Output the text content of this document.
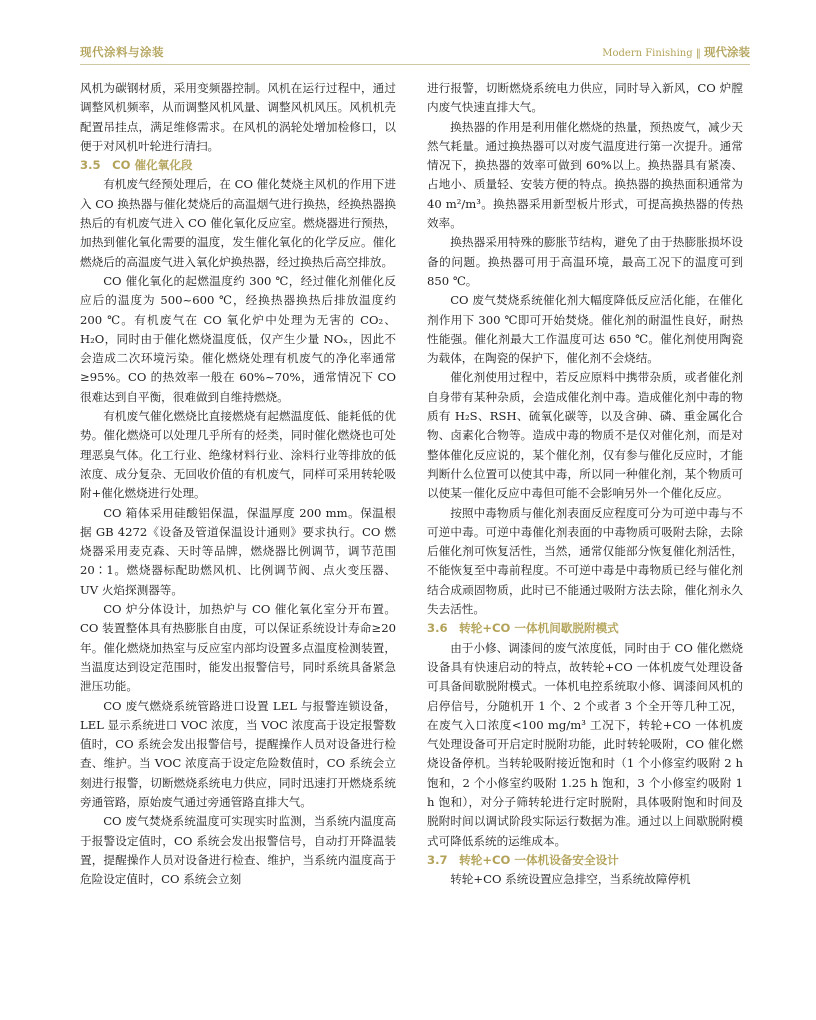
现代涂料与涂装	Modern Finishing ‖ 现代涂装

风机为碳钢材质，采用变频器控制。风机在运行过程中，通过调整风机频率，从而调整风机风量、调整风机风压。风机机壳配置吊挂点，满足维修需求。在风机的涡轮处增加检修口，以便于对风机叶轮进行清扫。

3.5　CO 催化氧化段

有机废气经预处理后，在 CO 催化焚烧主风机的作用下进入 CO 换热器与催化焚烧后的高温烟气进行换热，经换热器换热后的有机废气进入 CO 催化氧化反应室。燃烧器进行预热，加热到催化氧化需要的温度，发生催化氧化的化学反应。催化燃烧后的高温废气进入氧化炉换热器，经过换热后高空排放。

CO 催化氧化的起燃温度约 300 ℃，经过催化剂催化反应后的温度为 500~600 ℃，经换热器换热后排放温度约 200 ℃。有机废气在 CO 氧化炉中处理为无害的 CO₂、H₂O，同时由于催化燃烧温度低，仅产生少量 NOₓ，因此不会造成二次环境污染。催化燃烧处理有机废气的净化率通常≥95%。CO 的热效率一般在 60%~70%，通常情况下 CO 很难达到自平衡，很难做到自维持燃烧。

有机废气催化燃烧比直接燃烧有起燃温度低、能耗低的优势。催化燃烧可以处理几乎所有的烃类，同时催化燃烧也可处理恶臭气体。化工行业、绝缘材料行业、涂料行业等排放的低浓度、成分复杂、无回收价值的有机废气，同样可采用转轮吸附+催化燃烧进行处理。

CO 箱体采用硅酸铝保温，保温厚度 200 mm。保温根据 GB 4272《设备及管道保温设计通则》要求执行。CO 燃烧器采用麦克森、天时等品牌，燃烧器比例调节，调节范围 20∶1。燃烧器标配助燃风机、比例调节阀、点火变压器、UV 火焰探测器等。

CO 炉分体设计，加热炉与 CO 催化氧化室分开布置。CO 装置整体具有热膨胀自由度，可以保证系统设计寿命≥20 年。催化燃烧加热室与反应室内部均设置多点温度检测装置，当温度达到设定范围时，能发出报警信号，同时系统具备紧急泄压功能。

CO 废气燃烧系统管路进口设置 LEL 与报警连锁设备，LEL 显示系统进口 VOC 浓度，当 VOC 浓度高于设定报警数值时，CO 系统会发出报警信号，提醒操作人员对设备进行检查、维护。当 VOC 浓度高于设定危险数值时，CO 系统会立刻进行报警，切断燃烧系统电力供应，同时迅速打开燃烧系统旁通管路，原始废气通过旁通管路直排大气。

CO 废气焚烧系统温度可实现实时监测，当系统内温度高于报警设定值时，CO 系统会发出报警信号，自动打开降温装置，提醒操作人员对设备进行检查、维护，当系统内温度高于危险设定值时，CO 系统会立刻

进行报警，切断燃烧系统电力供应，同时导入新风，CO 炉膛内废气快速直排大气。

换热器的作用是利用催化燃烧的热量，预热废气，减少天然气耗量。通过换热器可以对废气温度进行第一次提升。通常情况下，换热器的效率可做到 60%以上。换热器具有紧凑、占地小、质量轻、安装方便的特点。换热器的换热面积通常为 40 m²/m³。换热器采用新型板片形式，可提高换热器的传热效率。

换热器采用特殊的膨胀节结构，避免了由于热膨胀损坏设备的问题。换热器可用于高温环境，最高工况下的温度可到 850 ℃。

CO 废气焚烧系统催化剂大幅度降低反应活化能，在催化剂作用下 300 ℃即可开始焚烧。催化剂的耐温性良好，耐热性能强。催化剂最大工作温度可达 650 ℃。催化剂使用陶瓷为载体，在陶瓷的保护下，催化剂不会烧结。

催化剂使用过程中，若反应原料中携带杂质，或者催化剂自身带有某种杂质，会造成催化剂中毒。造成催化剂中毒的物质有 H₂S、RSH、硫氧化碳等，以及含砷、磷、重金属化合物、卤素化合物等。造成中毒的物质不是仅对催化剂，而是对整体催化反应说的，某个催化剂，仅有参与催化反应时，才能判断什么位置可以使其中毒，所以同一种催化剂，某个物质可以使某一催化反应中毒但可能不会影响另外一个催化反应。

按照中毒物质与催化剂表面反应程度可分为可逆中毒与不可逆中毒。可逆中毒催化剂表面的中毒物质可吸附去除，去除后催化剂可恢复活性，当然，通常仅能部分恢复催化剂活性，不能恢复至中毒前程度。不可逆中毒是中毒物质已经与催化剂结合成顽固物质，此时已不能通过吸附方法去除，催化剂永久失去活性。

3.6　转轮+CO 一体机间歇脱附模式

由于小修、调漆间的废气浓度低，同时由于 CO 催化燃烧设备具有快速启动的特点，故转轮+CO 一体机废气处理设备可具备间歇脱附模式。一体机电控系统取小修、调漆间风机的启停信号，分随机开 1 个、2 个或者 3 个全开等几种工况，在废气入口浓度<100 mg/m³ 工况下，转轮+CO 一体机废气处理设备可开启定时脱附功能，此时转轮吸附，CO 催化燃烧设备停机。当转轮吸附接近饱和时（1 个小修室约吸附 2 h 饱和，2 个小修室约吸附 1.25 h 饱和，3 个小修室约吸附 1 h 饱和），对分子筛转轮进行定时脱附，具体吸附饱和时间及脱附时间以调试阶段实际运行数据为准。通过以上间歇脱附模式可降低系统的运维成本。

3.7　转轮+CO 一体机设备安全设计

转轮+CO 系统设置应急排空，当系统故障停机
